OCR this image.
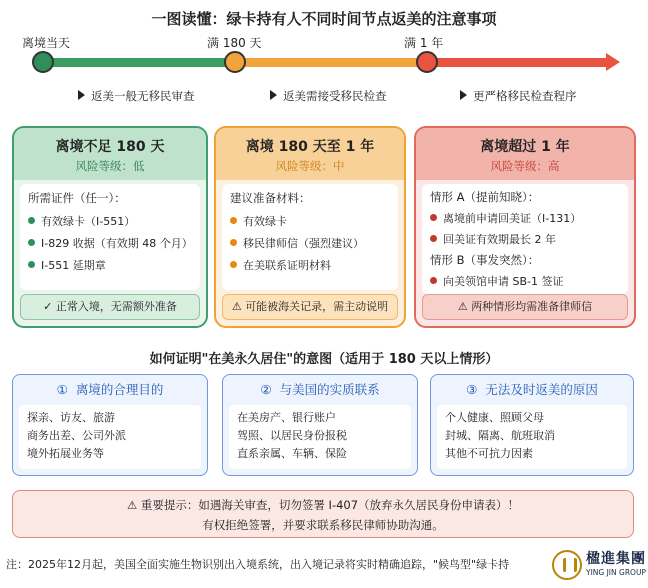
一图读懂：绿卡持有人不同时间节点返美的注意事项
离境当天	满 180 天	满 1 年
返美一般无移民审查	返美需接受移民检查	更严格移民检查程序
离境不足 180 天
风险等级：低
所需证件（任一）：
有效绿卡（I-551）
I-829 收据（有效期 48 个月）
I-551 延期章
✓ 正常入境，无需额外准备
离境 180 天至 1 年
风险等级：中
建议准备材料：
有效绿卡
移民律师信（强烈建议）
在美联系证明材料
⚠ 可能被海关记录，需主动说明
离境超过 1 年
风险等级：高
情形 A（提前知晓）：
离境前申请回美证（I-131）
回美证有效期最长 2 年
情形 B（事发突然）：
向美领馆申请 SB-1 签证
⚠ 两种情形均需准备律师信
如何证明"在美永久居住"的意图（适用于 180 天以上情形）
① 离境的合理目的
探亲、访友、旅游
商务出差、公司外派
境外拓展业务等
② 与美国的实质联系
在美房产、银行账户
驾照、以居民身份报税
直系亲属、车辆、保险
③ 无法及时返美的原因
个人健康、照顾父母
封城、隔离、航班取消
其他不可抗力因素
⚠ 重要提示：如遇海关审查，切勿签署 I-407（放弃永久居民身份申请表）！
有权拒绝签署，并要求联系移民律师协助沟通。
注：2025年12月起，美国全面实施生物识别出入境系统，出入境记录将实时精确追踪，"候鸟型"绿卡持	楹進集團
YING JIN GROUP
